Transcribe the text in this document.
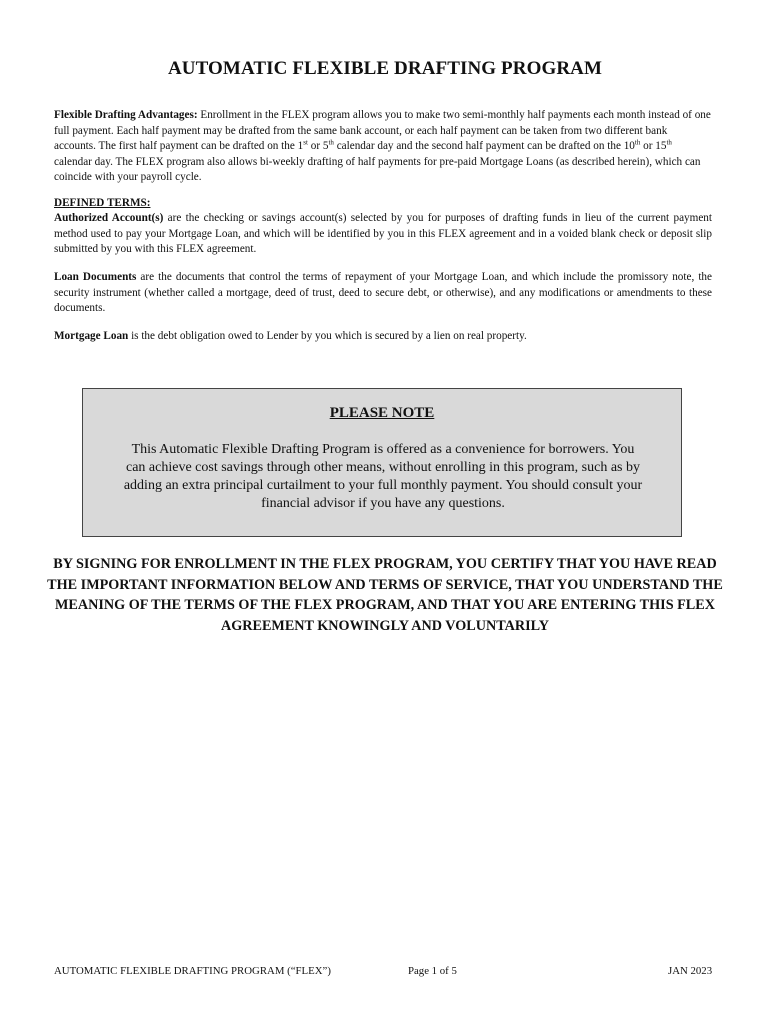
AUTOMATIC FLEXIBLE DRAFTING PROGRAM

Flexible Drafting Advantages: Enrollment in the FLEX program allows you to make two semi-monthly half payments each month instead of one full payment. Each half payment may be drafted from the same bank account, or each half payment can be taken from two different bank accounts. The first half payment can be drafted on the 1st or 5th calendar day and the second half payment can be drafted on the 10th or 15th calendar day. The FLEX program also allows bi-weekly drafting of half payments for pre-paid Mortgage Loans (as described herein), which can coincide with your payroll cycle.

DEFINED TERMS:

Authorized Account(s) are the checking or savings account(s) selected by you for purposes of drafting funds in lieu of the current payment method used to pay your Mortgage Loan, and which will be identified by you in this FLEX agreement and in a voided blank check or deposit slip submitted by you with this FLEX agreement.

Loan Documents are the documents that control the terms of repayment of your Mortgage Loan, and which include the promissory note, the security instrument (whether called a mortgage, deed of trust, deed to secure debt, or otherwise), and any modifications or amendments to these documents.

Mortgage Loan is the debt obligation owed to Lender by you which is secured by a lien on real property.

PLEASE NOTE

This Automatic Flexible Drafting Program is offered as a convenience for borrowers. You can achieve cost savings through other means, without enrolling in this program, such as by adding an extra principal curtailment to your full monthly payment. You should consult your financial advisor if you have any questions.

BY SIGNING FOR ENROLLMENT IN THE FLEX PROGRAM, YOU CERTIFY THAT YOU HAVE READ THE IMPORTANT INFORMATION BELOW AND TERMS OF SERVICE, THAT YOU UNDERSTAND THE MEANING OF THE TERMS OF THE FLEX PROGRAM, AND THAT YOU ARE ENTERING THIS FLEX AGREEMENT KNOWINGLY AND VOLUNTARILY

AUTOMATIC FLEXIBLE DRAFTING PROGRAM (“FLEX”)	Page 1 of 5	JAN 2023
